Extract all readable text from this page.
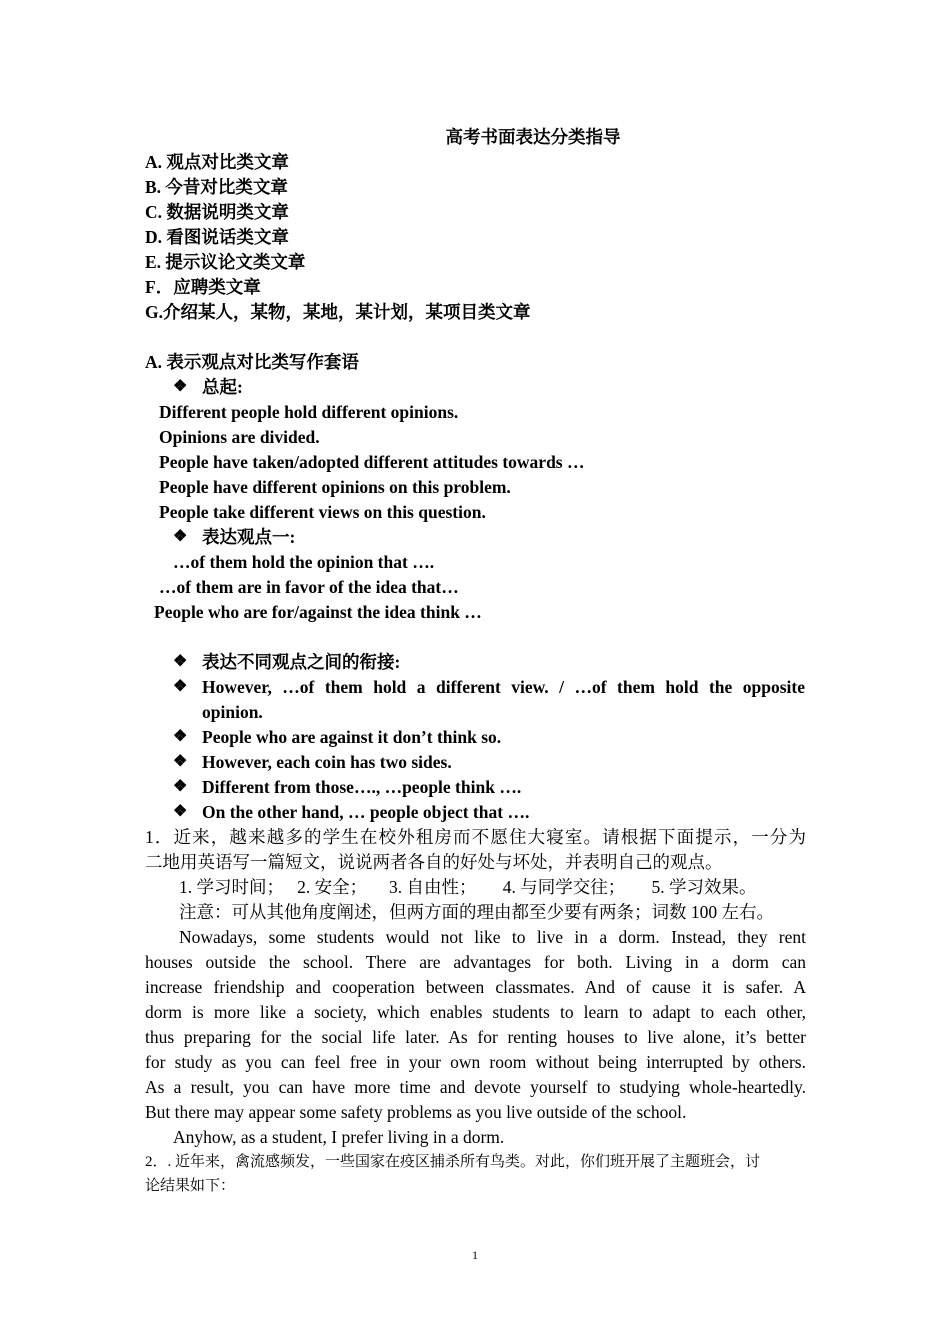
高考书面表达分类指导
A. 观点对比类文章
B. 今昔对比类文章
C. 数据说明类文章
D. 看图说话类文章
E. 提示议论文类文章
F．应聘类文章
G.介绍某人，某物，某地，某计划，某项目类文章
A. 表示观点对比类写作套语
❖ 总起:
Different people hold different opinions.
Opinions are divided.
People have taken/adopted different attitudes towards …
People have different opinions on this problem.
People take different views on this question.
❖ 表达观点一:
…of them hold the opinion that ….
…of them are in favor of the idea that…
People who are for/against the idea think …
❖ 表达不同观点之间的衔接:
❖ However, …of them hold a different view. / …of them hold the opposite
opinion.
❖ People who are against it don’t think so.
❖ However, each coin has two sides.
❖ Different from those…., …people think ….
❖ On the other hand, … people object that ….
1．近来，越来越多的学生在校外租房而不愿住大寝室。请根据下面提示，一分为
二地用英语写一篇短文，说说两者各自的好处与坏处，并表明自己的观点。
1. 学习时间；   2. 安全；     3. 自由性；      4. 与同学交往；      5. 学习效果。
注意：可从其他角度阐述，但两方面的理由都至少要有两条；词数 100 左右。
Nowadays, some students would not like to live in a dorm. Instead, they rent
houses outside the school. There are advantages for both. Living in a dorm can
increase friendship and cooperation between classmates. And of cause it is safer. A
dorm is more like a society, which enables students to learn to adapt to each other,
thus preparing for the social life later. As for renting houses to live alone, it’s better
for study as you can feel free in your own room without being interrupted by others.
As a result, you can have more time and devote yourself to studying whole-heartedly.
But there may appear some safety problems as you live outside of the school.
Anyhow, as a student, I prefer living in a dorm.
2．. 近年来，禽流感频发，一些国家在疫区捕杀所有鸟类。对此，你们班开展了主题班会，讨
论结果如下：
1
